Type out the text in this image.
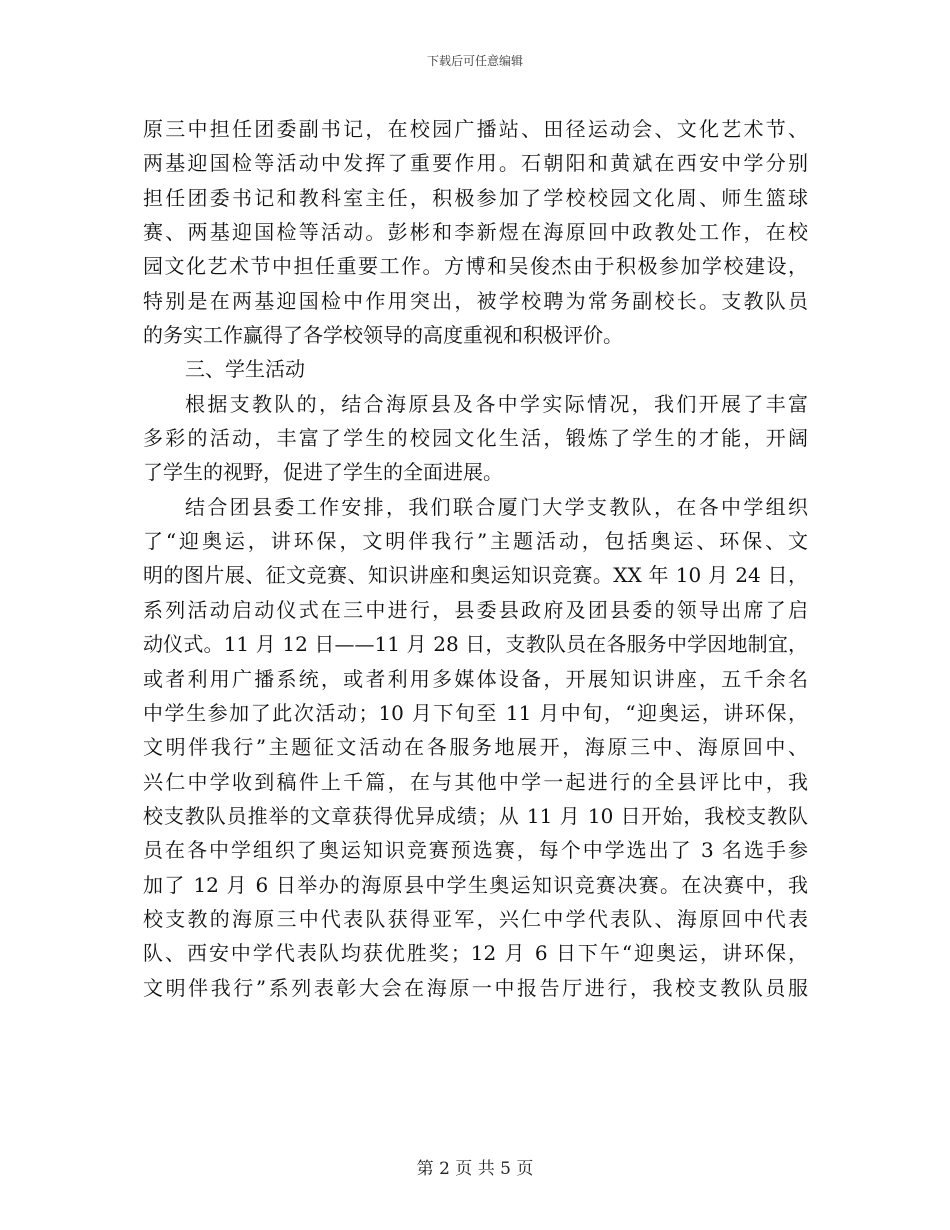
下载后可任意编辑
原三中担任团委副书记，在校园广播站、田径运动会、文化艺术节、
两基迎国检等活动中发挥了重要作用。石朝阳和黄斌在西安中学分别
担任团委书记和教科室主任，积极参加了学校校园文化周、师生篮球
赛、两基迎国检等活动。彭彬和李新煜在海原回中政教处工作，在校
园文化艺术节中担任重要工作。方博和吴俊杰由于积极参加学校建设，
特别是在两基迎国检中作用突出，被学校聘为常务副校长。支教队员
的务实工作赢得了各学校领导的高度重视和积极评价。
三、学生活动
根据支教队的，结合海原县及各中学实际情况，我们开展了丰富
多彩的活动，丰富了学生的校园文化生活，锻炼了学生的才能，开阔
了学生的视野，促进了学生的全面进展。
结合团县委工作安排，我们联合厦门大学支教队，在各中学组织
了“迎奥运，讲环保，文明伴我行”主题活动，包括奥运、环保、文
明的图片展、征文竞赛、知识讲座和奥运知识竞赛。XX 年 10 月 24 日，
系列活动启动仪式在三中进行，县委县政府及团县委的领导出席了启
动仪式。11 月 12 日——11 月 28 日，支教队员在各服务中学因地制宜，
或者利用广播系统，或者利用多媒体设备，开展知识讲座，五千余名
中学生参加了此次活动；10 月下旬至 11 月中旬，“迎奥运，讲环保，
文明伴我行”主题征文活动在各服务地展开，海原三中、海原回中、
兴仁中学收到稿件上千篇，在与其他中学一起进行的全县评比中，我
校支教队员推举的文章获得优异成绩；从 11 月 10 日开始，我校支教队
员在各中学组织了奥运知识竞赛预选赛，每个中学选出了 3 名选手参
加了 12 月 6 日举办的海原县中学生奥运知识竞赛决赛。在决赛中，我
校支教的海原三中代表队获得亚军，兴仁中学代表队、海原回中代表
队、西安中学代表队均获优胜奖；12 月 6 日下午“迎奥运，讲环保，
文明伴我行”系列表彰大会在海原一中报告厅进行，我校支教队员服
第 2 页 共 5 页
